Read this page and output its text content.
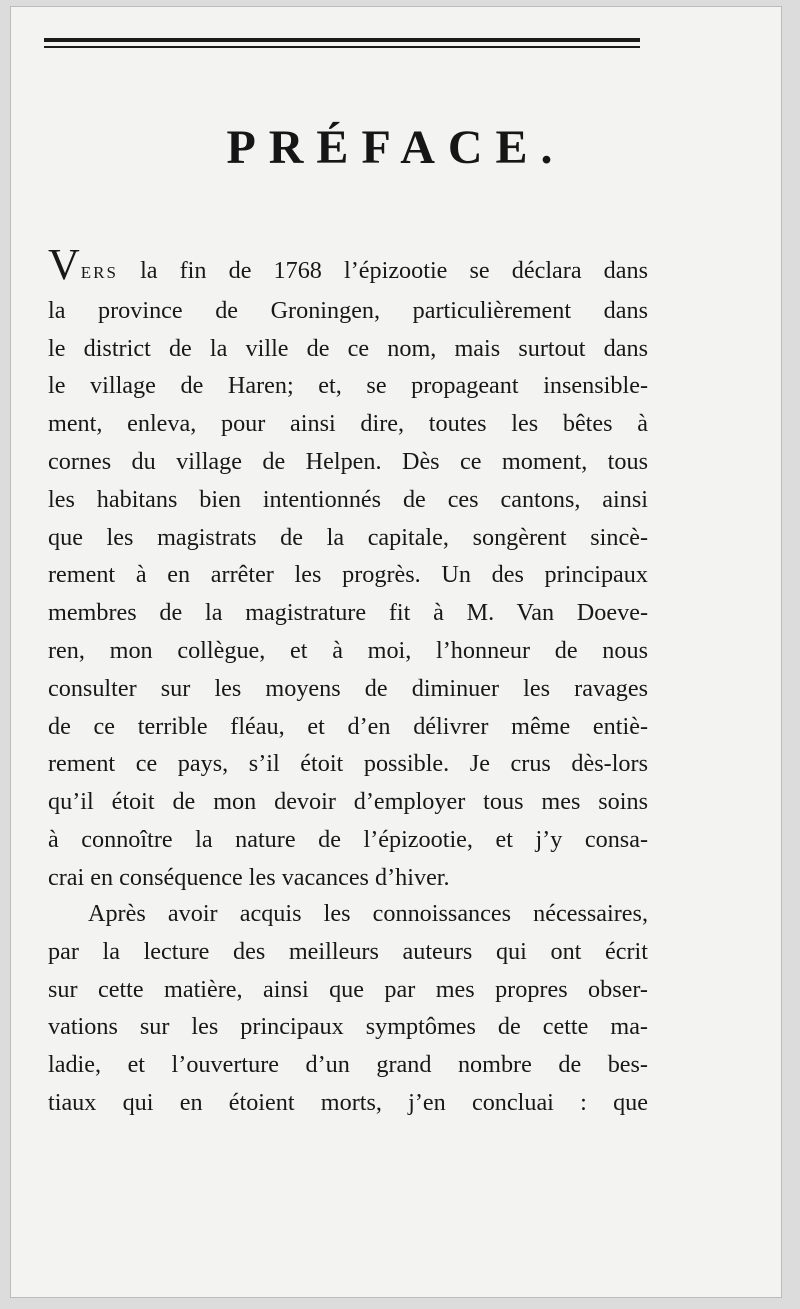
PRÉFACE.
VERS la fin de 1768 l’épizootie se déclara dans
la province de Groningen, particulièrement dans
le district de la ville de ce nom, mais surtout dans
le village de Haren; et, se propageant insensible-
ment, enleva, pour ainsi dire, toutes les bêtes à
cornes du village de Helpen. Dès ce moment, tous
les habitans bien intentionnés de ces cantons, ainsi
que les magistrats de la capitale, songèrent sincè-
rement à en arrêter les progrès. Un des principaux
membres de la magistrature fit à M. Van Doeve-
ren, mon collègue, et à moi, l’honneur de nous
consulter sur les moyens de diminuer les ravages
de ce terrible fléau, et d’en délivrer même entiè-
rement ce pays, s’il étoit possible. Je crus dès-lors
qu’il étoit de mon devoir d’employer tous mes soins
à connoître la nature de l’épizootie, et j’y consa-
crai en conséquence les vacances d’hiver.
Après avoir acquis les connoissances nécessaires,
par la lecture des meilleurs auteurs qui ont écrit
sur cette matière, ainsi que par mes propres obser-
vations sur les principaux symptômes de cette ma-
ladie, et l’ouverture d’un grand nombre de bes-
tiaux qui en étoient morts, j’en concluai : que
